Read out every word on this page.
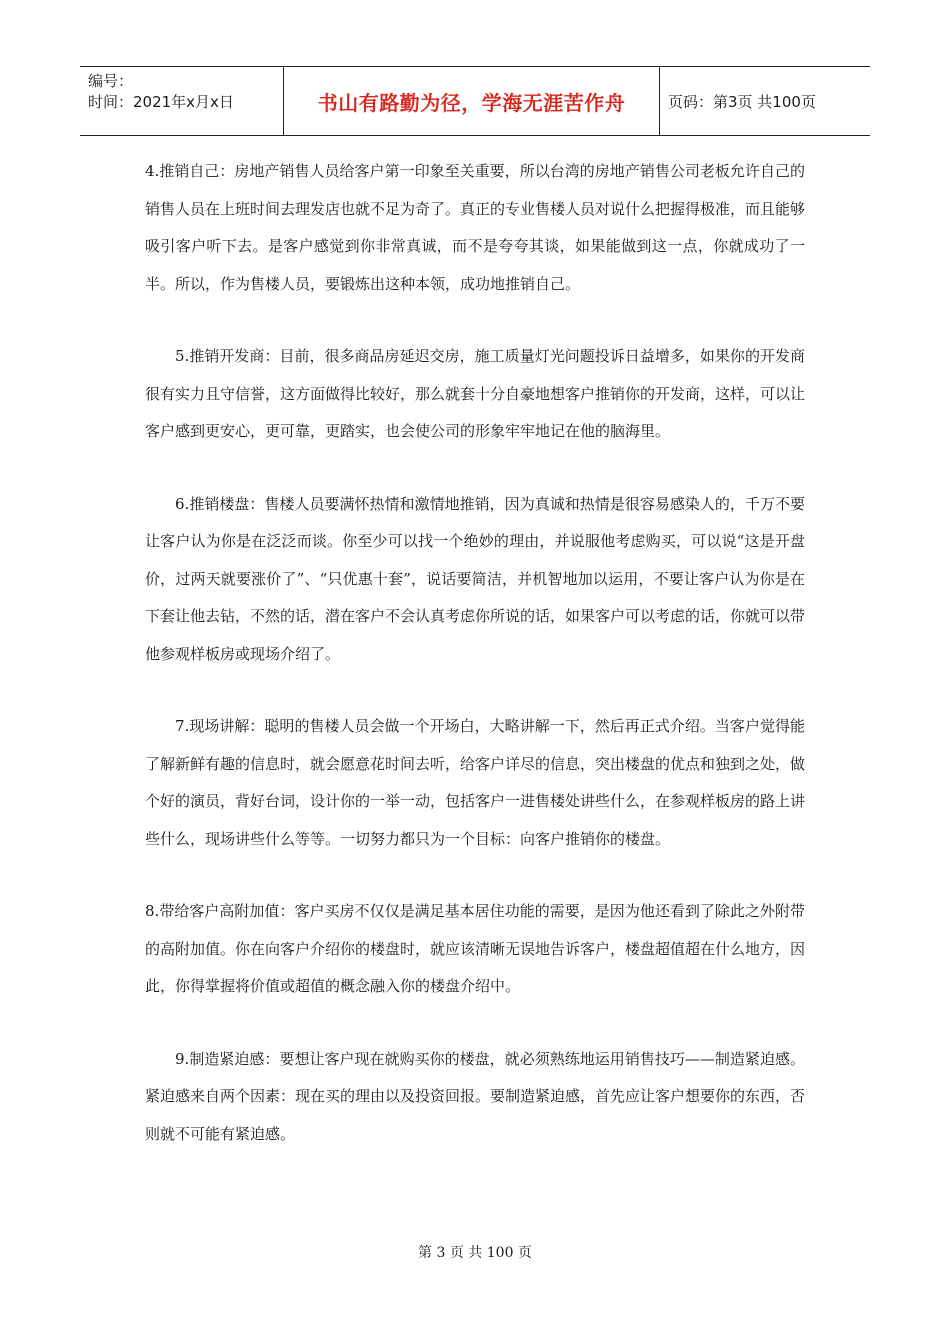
编号：
时间：2021年x月x日	书山有路勤为径，学海无涯苦作舟	页码：第3页 共100页

4.推销自己：房地产销售人员给客户第一印象至关重要，所以台湾的房地产销售公司老板允许自己的销售人员在上班时间去理发店也就不足为奇了。真正的专业售楼人员对说什么把握得极准，而且能够吸引客户听下去。是客户感觉到你非常真诚，而不是夸夸其谈，如果能做到这一点，你就成功了一半。所以，作为售楼人员，要锻炼出这种本领，成功地推销自己。

5.推销开发商：目前，很多商品房延迟交房，施工质量灯光问题投诉日益增多，如果你的开发商很有实力且守信誉，这方面做得比较好，那么就套十分自豪地想客户推销你的开发商，这样，可以让客户感到更安心，更可靠，更踏实，也会使公司的形象牢牢地记在他的脑海里。

6.推销楼盘：售楼人员要满怀热情和激情地推销，因为真诚和热情是很容易感染人的，千万不要让客户认为你是在泛泛而谈。你至少可以找一个绝妙的理由，并说服他考虑购买，可以说“这是开盘价，过两天就要涨价了”、“只优惠十套”，说话要简洁，并机智地加以运用，不要让客户认为你是在下套让他去钻，不然的话，潜在客户不会认真考虑你所说的话，如果客户可以考虑的话，你就可以带他参观样板房或现场介绍了。

7.现场讲解：聪明的售楼人员会做一个开场白，大略讲解一下，然后再正式介绍。当客户觉得能了解新鲜有趣的信息时，就会愿意花时间去听，给客户详尽的信息，突出楼盘的优点和独到之处，做个好的演员，背好台词，设计你的一举一动，包括客户一进售楼处讲些什么，在参观样板房的路上讲些什么，现场讲些什么等等。一切努力都只为一个目标：向客户推销你的楼盘。

8.带给客户高附加值：客户买房不仅仅是满足基本居住功能的需要，是因为他还看到了除此之外附带的高附加值。你在向客户介绍你的楼盘时，就应该清晰无误地告诉客户，楼盘超值超在什么地方，因此，你得掌握将价值或超值的概念融入你的楼盘介绍中。

9.制造紧迫感：要想让客户现在就购买你的楼盘，就必须熟练地运用销售技巧——制造紧迫感。紧迫感来自两个因素：现在买的理由以及投资回报。要制造紧迫感，首先应让客户想要你的东西，否则就不可能有紧迫感。

第 3 页 共 100 页
